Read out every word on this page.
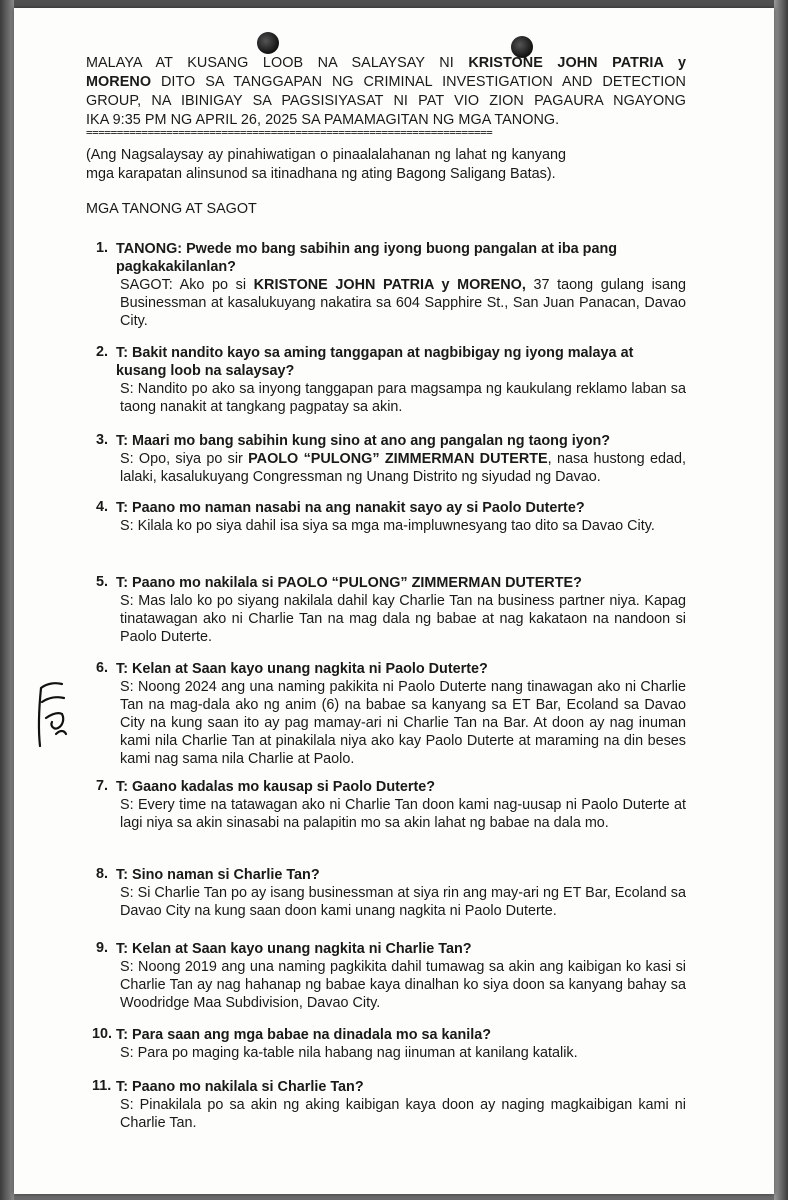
MALAYA AT KUSANG LOOB NA SALAYSAY NI KRISTONE JOHN PATRIA y
MORENO DITO SA TANGGAPAN NG CRIMINAL INVESTIGATION AND DETECTION
GROUP, NA IBINIGAY SA PAGSISIYASAT NI PAT VIO ZION PAGAURA NGAYONG
IKA 9:35 PM NG APRIL 26, 2025 SA PAMAMAGITAN NG MGA TANONG.
==================================================================
(Ang Nagsalaysay ay pinahiwatigan o pinaalalahanan ng lahat ng kanyang mga karapatan alinsunod sa itinadhana ng ating Bagong Saligang Batas).
MGA TANONG AT SAGOT
1. TANONG: Pwede mo bang sabihin ang iyong buong pangalan at iba pang pagkakakilanlan?
SAGOT: Ako po si KRISTONE JOHN PATRIA y MORENO, 37 taong gulang isang Businessman at kasalukuyang nakatira sa 604 Sapphire St., San Juan Panacan, Davao City.
2. T: Bakit nandito kayo sa aming tanggapan at nagbibigay ng iyong malaya at kusang loob na salaysay?
S: Nandito po ako sa inyong tanggapan para magsampa ng kaukulang reklamo laban sa taong nanakit at tangkang pagpatay sa akin.
3. T: Maari mo bang sabihin kung sino at ano ang pangalan ng taong iyon?
S: Opo, siya po sir PAOLO “PULONG” ZIMMERMAN DUTERTE, nasa hustong edad, lalaki, kasalukuyang Congressman ng Unang Distrito ng siyudad ng Davao.
4. T: Paano mo naman nasabi na ang nanakit sayo ay si Paolo Duterte?
S: Kilala ko po siya dahil isa siya sa mga ma-impluwnesyang tao dito sa Davao City.
5. T: Paano mo nakilala si PAOLO “PULONG” ZIMMERMAN DUTERTE?
S: Mas lalo ko po siyang nakilala dahil kay Charlie Tan na business partner niya. Kapag tinatawagan ako ni Charlie Tan na mag dala ng babae at nag kakataon na nandoon si Paolo Duterte.
6. T: Kelan at Saan kayo unang nagkita ni Paolo Duterte?
S: Noong 2024 ang una naming pakikita ni Paolo Duterte nang tinawagan ako ni Charlie Tan na mag-dala ako ng anim (6) na babae sa kanyang sa ET Bar, Ecoland sa Davao City na kung saan ito ay pag mamay-ari ni Charlie Tan na Bar. At doon ay nag inuman kami nila Charlie Tan at pinakilala niya ako kay Paolo Duterte at maraming na din beses kami nag sama nila Charlie at Paolo.
7. T: Gaano kadalas mo kausap si Paolo Duterte?
S: Every time na tatawagan ako ni Charlie Tan doon kami nag-uusap ni Paolo Duterte at lagi niya sa akin sinasabi na palapitin mo sa akin lahat ng babae na dala mo.
8. T: Sino naman si Charlie Tan?
S: Si Charlie Tan po ay isang businessman at siya rin ang may-ari ng ET Bar, Ecoland sa Davao City na kung saan doon kami unang nagkita ni Paolo Duterte.
9. T: Kelan at Saan kayo unang nagkita ni Charlie Tan?
S: Noong 2019 ang una naming pagkikita dahil tumawag sa akin ang kaibigan ko kasi si Charlie Tan ay nag hahanap ng babae kaya dinalhan ko siya doon sa kanyang bahay sa Woodridge Maa Subdivision, Davao City.
10. T: Para saan ang mga babae na dinadala mo sa kanila?
S: Para po maging ka-table nila habang nag iinuman at kanilang katalik.
11. T: Paano mo nakilala si Charlie Tan?
S: Pinakilala po sa akin ng aking kaibigan kaya doon ay naging magkaibigan kami ni Charlie Tan.
